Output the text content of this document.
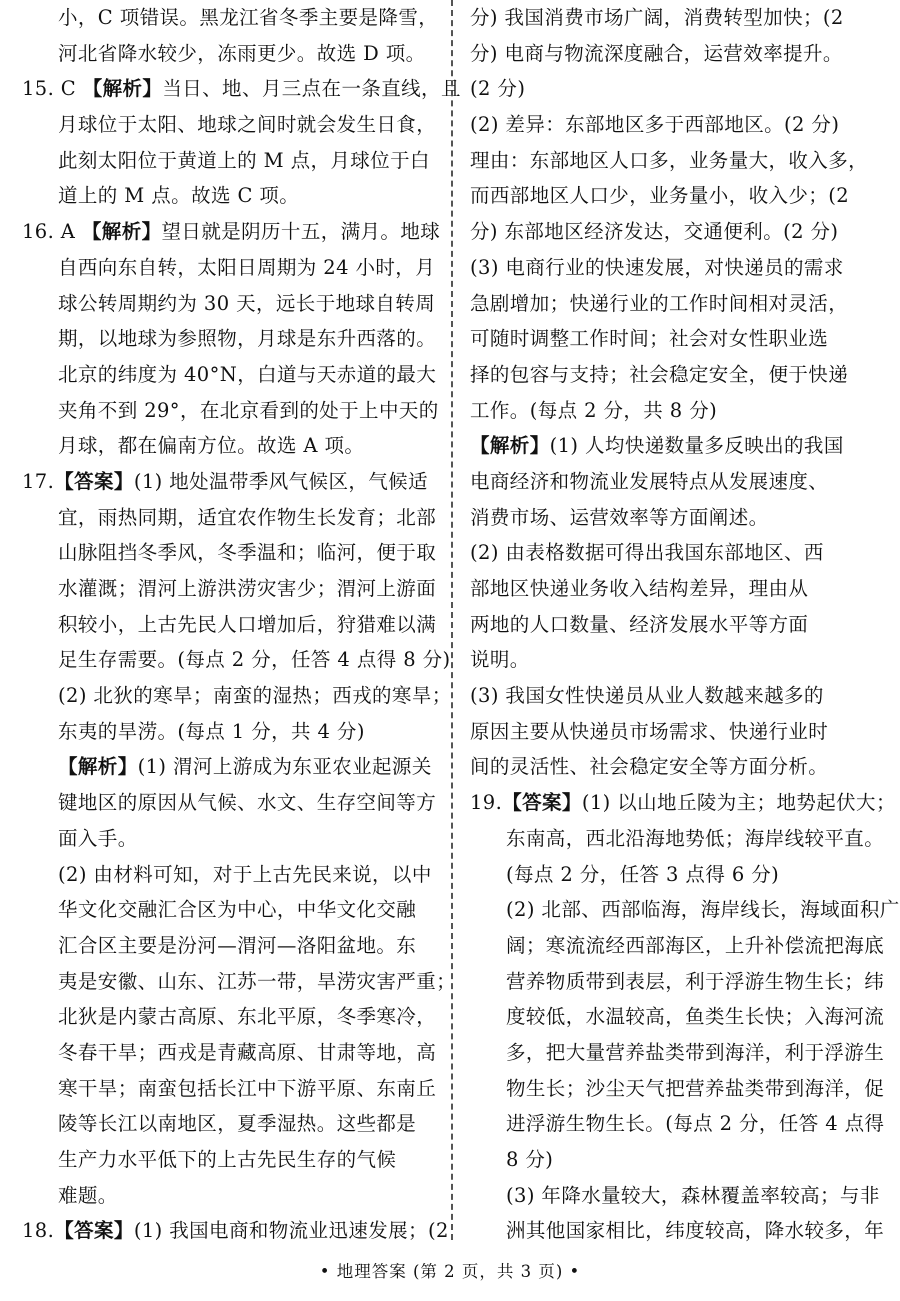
小，C 项错误。黑龙江省冬季主要是降雪，
河北省降水较少，冻雨更少。故选 D 项。
15. C 【解析】当日、地、月三点在一条直线，且
月球位于太阳、地球之间时就会发生日食，
此刻太阳位于黄道上的 M 点，月球位于白
道上的 M 点。故选 C 项。
16. A 【解析】望日就是阴历十五，满月。地球
自西向东自转，太阳日周期为 24 小时，月
球公转周期约为 30 天，远长于地球自转周
期，以地球为参照物，月球是东升西落的。
北京的纬度为 40°N，白道与天赤道的最大
夹角不到 29°，在北京看到的处于上中天的
月球，都在偏南方位。故选 A 项。
17.【答案】(1) 地处温带季风气候区，气候适
宜，雨热同期，适宜农作物生长发育；北部
山脉阻挡冬季风，冬季温和；临河，便于取
水灌溉；渭河上游洪涝灾害少；渭河上游面
积较小，上古先民人口增加后，狩猎难以满
足生存需要。(每点 2 分，任答 4 点得 8 分)
(2) 北狄的寒旱；南蛮的湿热；西戎的寒旱；
东夷的旱涝。(每点 1 分，共 4 分)
【解析】(1) 渭河上游成为东亚农业起源关
键地区的原因从气候、水文、生存空间等方
面入手。
(2) 由材料可知，对于上古先民来说，以中
华文化交融汇合区为中心，中华文化交融
汇合区主要是汾河—渭河—洛阳盆地。东
夷是安徽、山东、江苏一带，旱涝灾害严重；
北狄是内蒙古高原、东北平原，冬季寒冷，
冬春干旱；西戎是青藏高原、甘肃等地，高
寒干旱；南蛮包括长江中下游平原、东南丘
陵等长江以南地区，夏季湿热。这些都是
生产力水平低下的上古先民生存的气候
难题。
18.【答案】(1) 我国电商和物流业迅速发展；(2
分) 我国消费市场广阔，消费转型加快；(2
分) 电商与物流深度融合，运营效率提升。
(2 分)
(2) 差异：东部地区多于西部地区。(2 分)
理由：东部地区人口多，业务量大，收入多，
而西部地区人口少，业务量小，收入少；(2
分) 东部地区经济发达，交通便利。(2 分)
(3) 电商行业的快速发展，对快递员的需求
急剧增加；快递行业的工作时间相对灵活，
可随时调整工作时间；社会对女性职业选
择的包容与支持；社会稳定安全，便于快递
工作。(每点 2 分，共 8 分)
【解析】(1) 人均快递数量多反映出的我国
电商经济和物流业发展特点从发展速度、
消费市场、运营效率等方面阐述。
(2) 由表格数据可得出我国东部地区、西
部地区快递业务收入结构差异，理由从
两地的人口数量、经济发展水平等方面
说明。
(3) 我国女性快递员从业人数越来越多的
原因主要从快递员市场需求、快递行业时
间的灵活性、社会稳定安全等方面分析。
19.【答案】(1) 以山地丘陵为主；地势起伏大；
东南高，西北沿海地势低；海岸线较平直。
(每点 2 分，任答 3 点得 6 分)
(2) 北部、西部临海，海岸线长，海域面积广
阔；寒流流经西部海区，上升补偿流把海底
营养物质带到表层，利于浮游生物生长；纬
度较低，水温较高，鱼类生长快；入海河流
多，把大量营养盐类带到海洋，利于浮游生
物生长；沙尘天气把营养盐类带到海洋，促
进浮游生物生长。(每点 2 分，任答 4 点得
8 分)
(3) 年降水量较大，森林覆盖率较高；与非
洲其他国家相比，纬度较高，降水较多，年
• 地理答案 (第 2 页，共 3 页) •
